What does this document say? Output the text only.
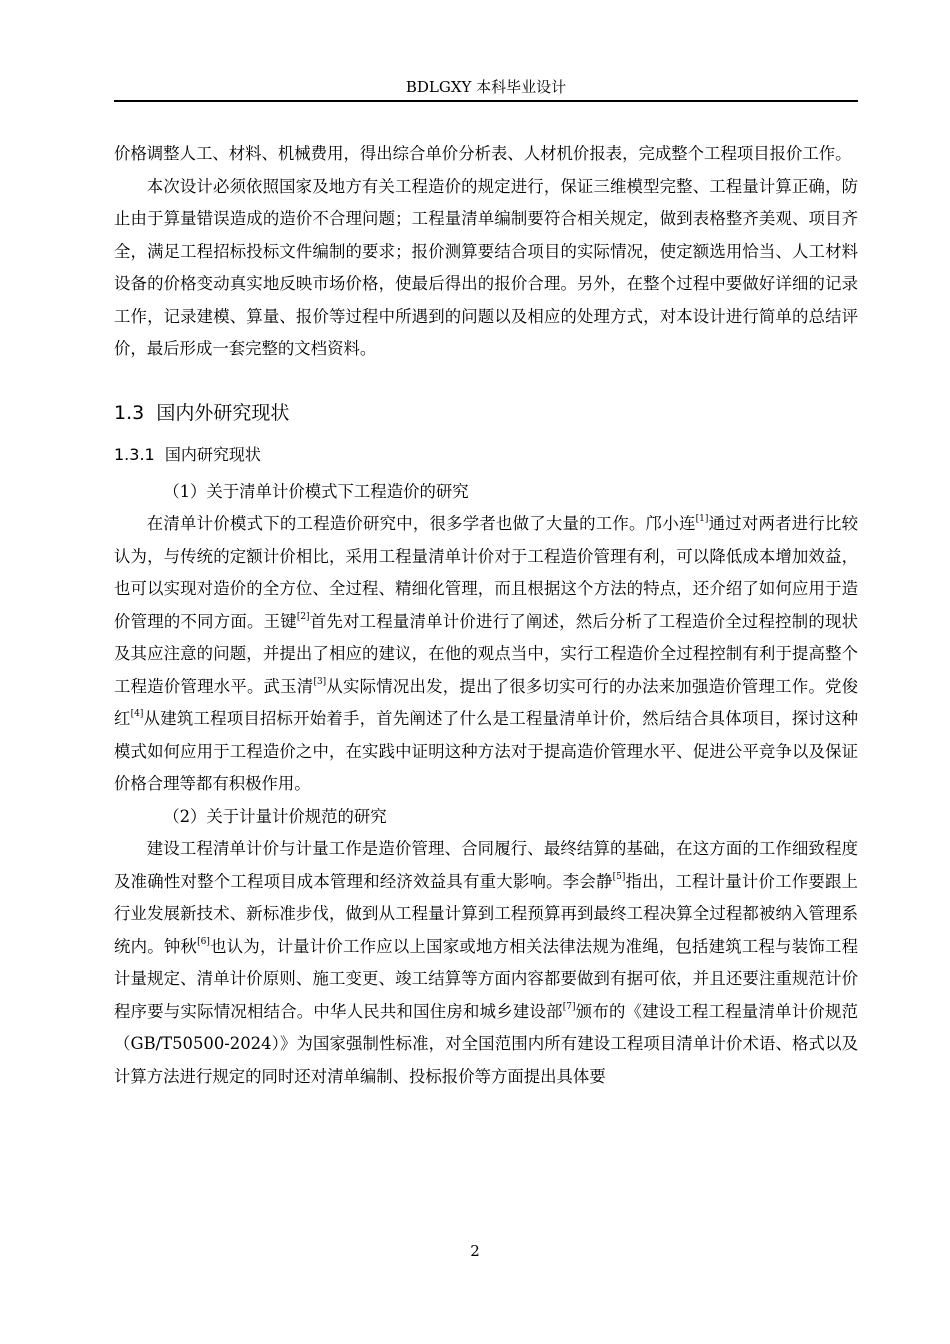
BDLGXY 本科毕业设计

价格调整人工、材料、机械费用，得出综合单价分析表、人材机价报表，完成整个工程项目报价工作。

本次设计必须依照国家及地方有关工程造价的规定进行，保证三维模型完整、工程量计算正确，防止由于算量错误造成的造价不合理问题；工程量清单编制要符合相关规定，做到表格整齐美观、项目齐全，满足工程招标投标文件编制的要求；报价测算要结合项目的实际情况，使定额选用恰当、人工材料设备的价格变动真实地反映市场价格，使最后得出的报价合理。另外，在整个过程中要做好详细的记录工作，记录建模、算量、报价等过程中所遇到的问题以及相应的处理方式，对本设计进行简单的总结评价，最后形成一套完整的文档资料。

1.3 国内外研究现状
1.3.1 国内研究现状

（1）关于清单计价模式下工程造价的研究

在清单计价模式下的工程造价研究中，很多学者也做了大量的工作。邝小连[1]通过对两者进行比较认为，与传统的定额计价相比，采用工程量清单计价对于工程造价管理有利，可以降低成本增加效益，也可以实现对造价的全方位、全过程、精细化管理，而且根据这个方法的特点，还介绍了如何应用于造价管理的不同方面。王键[2]首先对工程量清单计价进行了阐述，然后分析了工程造价全过程控制的现状及其应注意的问题，并提出了相应的建议，在他的观点当中，实行工程造价全过程控制有利于提高整个工程造价管理水平。武玉清[3]从实际情况出发，提出了很多切实可行的办法来加强造价管理工作。党俊红[4]从建筑工程项目招标开始着手，首先阐述了什么是工程量清单计价，然后结合具体项目，探讨这种模式如何应用于工程造价之中，在实践中证明这种方法对于提高造价管理水平、促进公平竞争以及保证价格合理等都有积极作用。

（2）关于计量计价规范的研究

建设工程清单计价与计量工作是造价管理、合同履行、最终结算的基础，在这方面的工作细致程度及准确性对整个工程项目成本管理和经济效益具有重大影响。李会静[5]指出，工程计量计价工作要跟上行业发展新技术、新标准步伐，做到从工程量计算到工程预算再到最终工程决算全过程都被纳入管理系统内。钟秋[6]也认为，计量计价工作应以上国家或地方相关法律法规为准绳，包括建筑工程与装饰工程计量规定、清单计价原则、施工变更、竣工结算等方面内容都要做到有据可依，并且还要注重规范计价程序要与实际情况相结合。中华人民共和国住房和城乡建设部[7]颁布的《建设工程工程量清单计价规范（GB/T50500-2024）》为国家强制性标准，对全国范围内所有建设工程项目清单计价术语、格式以及计算方法进行规定的同时还对清单编制、投标报价等方面提出具体要

2
